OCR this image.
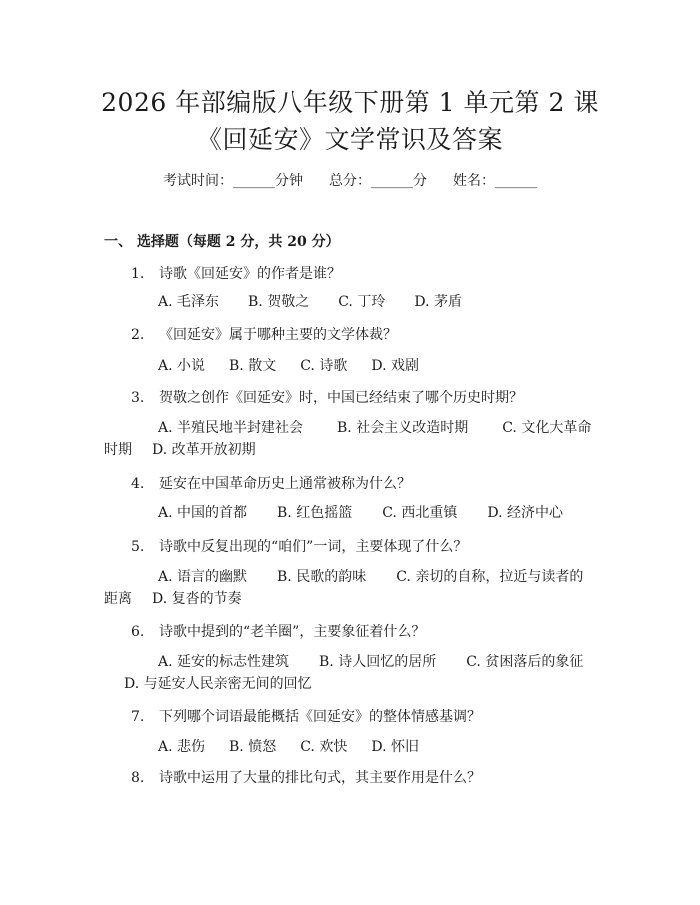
2026 年部编版八年级下册第 1 单元第 2 课
《回延安》文学常识及答案
考试时间：______分钟 总分：______分 姓名：______
一、 选择题（每题 2 分，共 20 分）
1. 诗歌《回延安》的作者是谁？
A. 毛泽东 B. 贺敬之 C. 丁玲 D. 茅盾
2. 《回延安》属于哪种主要的文学体裁？
A. 小说 B. 散文 C. 诗歌 D. 戏剧
3. 贺敬之创作《回延安》时，中国已经结束了哪个历史时期？
A. 半殖民地半封建社会 B. 社会主义改造时期 C. 文化大革命时期 D. 改革开放初期
4. 延安在中国革命历史上通常被称为什么？
A. 中国的首都 B. 红色摇篮 C. 西北重镇 D. 经济中心
5. 诗歌中反复出现的“咱们”一词，主要体现了什么？
A. 语言的幽默 B. 民歌的韵味 C. 亲切的自称，拉近与读者的距离 D. 复沓的节奏
6. 诗歌中提到的“老羊圈”，主要象征着什么？
A. 延安的标志性建筑 B. 诗人回忆的居所 C. 贫困落后的象征D. 与延安人民亲密无间的回忆
7. 下列哪个词语最能概括《回延安》的整体情感基调？
A. 悲伤 B. 愤怒 C. 欢快 D. 怀旧
8. 诗歌中运用了大量的排比句式，其主要作用是什么？
